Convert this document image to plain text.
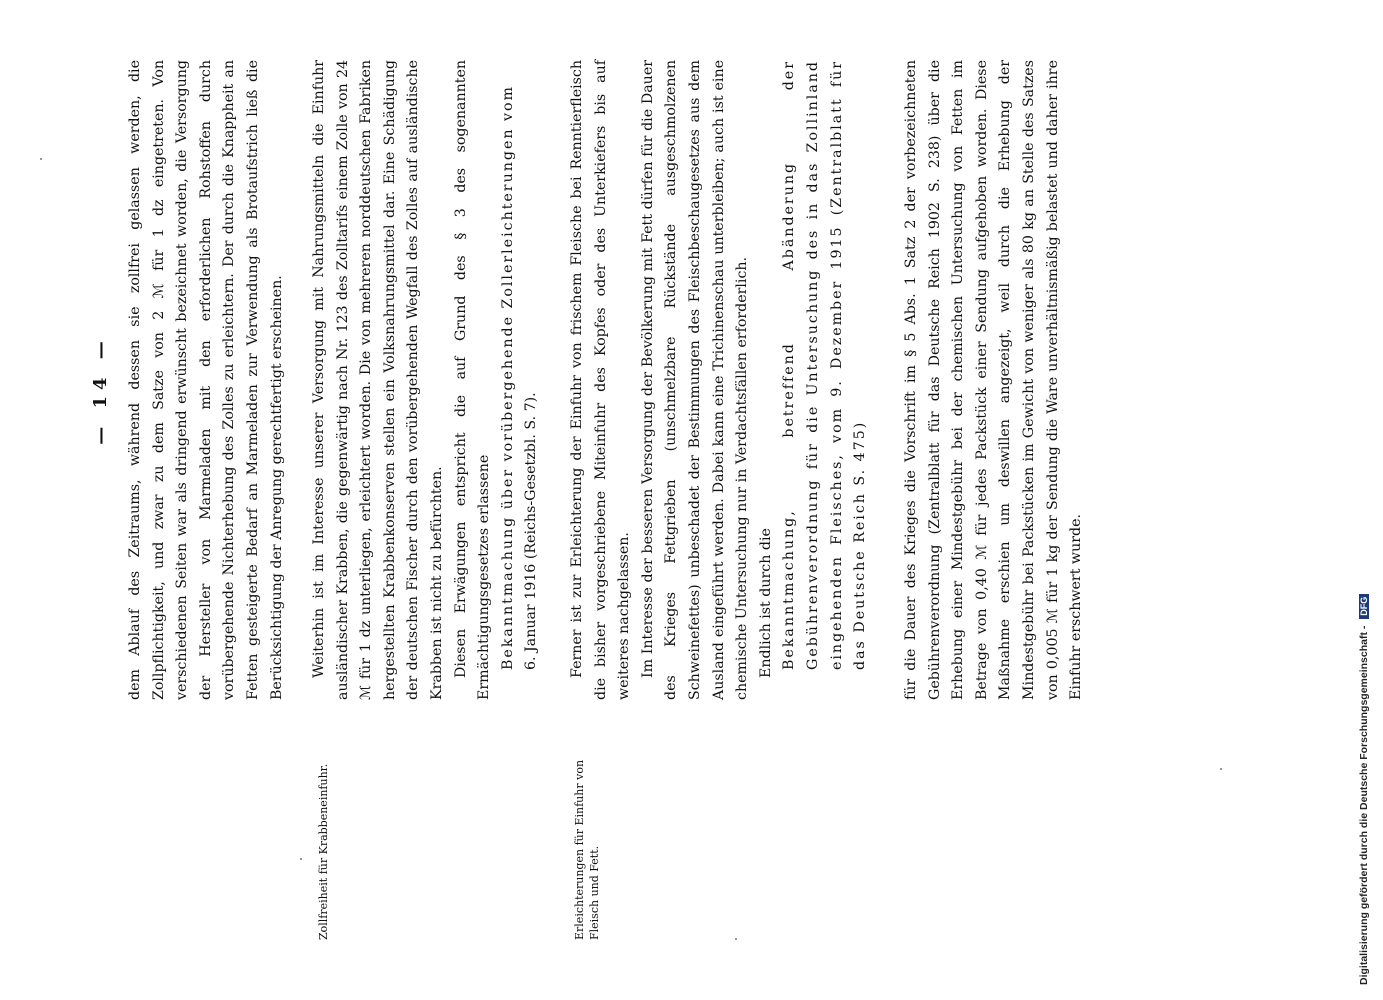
— 14 — dem Ablauf des Zeitraums, während dessen sie zollfrei gelassen werden, die Zollpflichtigkeit, und zwar zu dem Satze von 2 ℳ für 1 dz eingetreten. Von verschiedenen Seiten war als dringend erwünscht bezeichnet worden, die Versorgung der Hersteller von Marmeladen mit den erforderlichen Rohstoffen durch vorübergehende Nichterhebung des Zolles zu erleichtern. Der durch die Knappheit an Fetten gesteigerte Bedarf an Marmeladen zur Verwendung als Brotaufstrich ließ die Berücksichtigung der Anregung gerechtfertigt erscheinen.

Zollfreiheit für Krabbeneinfuhr.

Weiterhin ist im Interesse unserer Versorgung mit Nahrungsmitteln die Einfuhr ausländischer Krabben, die gegenwärtig nach Nr. 123 des Zolltarifs einem Zolle von 24 ℳ für 1 dz unterliegen, erleichtert worden. Die von mehreren norddeutschen Fabriken hergestellten Krabbenkonserven stellen ein Volksnahrungsmittel dar. Eine Schädigung der deutschen Fischer durch den vorübergehenden Wegfall des Zolles auf ausländische Krabben ist nicht zu befürchten. Diesen Erwägungen entspricht die auf Grund des § 3 des sogenannten Ermächtigungsgesetzes erlassene Bekanntmachung über vorübergehende Zollerleichterungen vom 6. Januar 1916 (Reichs-Gesetzbl. S. 7).

Erleichterungen für Einfuhr von Fleisch und Fett.

Ferner ist zur Erleichterung der Einfuhr von frischem Fleische bei Renntierfleisch die bisher vorgeschriebene Miteinfuhr des Kopfes oder des Unterkiefers bis auf weiteres nachgelassen. Im Interesse der besseren Versorgung der Bevölkerung mit Fett dürfen für die Dauer des Krieges Fettgrieben (unschmelzbare Rückstände ausgeschmolzenen Schweinefettes) unbeschadet der Bestimmungen des Fleischbeschaugesetzes aus dem Ausland eingeführt werden. Dabei kann eine Trichinenschau unterbleiben; auch ist eine chemische Untersuchung nur in Verdachtsfällen erforderlich. Endlich ist durch die Bekanntmachung, betreffend Abänderung der Gebührenverordnung für die Untersuchung des in das Zollinland eingehenden Fleisches, vom 9. Dezember 1915 (Zentralblatt für das Deutsche Reich S. 475)	für die Dauer des Krieges die Vorschrift im § 5 Abs. 1 Satz 2 der vorbezeichneten Gebührenverordnung (Zentralblatt für das Deutsche Reich 1902 S. 238) über die Erhebung einer Mindestgebühr bei der chemischen Untersuchung von Fetten im Betrage von 0,40 ℳ für jedes Packstück einer Sendung aufgehoben worden. Diese Maßnahme erschien um deswillen angezeigt, weil durch die Erhebung der Mindestgebühr bei Packstücken im Gewicht von weniger als 80 kg an Stelle des Satzes von 0,005 ℳ für 1 kg der Sendung die Ware unverhältnismäßig belastet und daher ihre Einfuhr erschwert wurde.

Digitalisierung gefördert durch die Deutsche Forschungsgemeinschaft - DFG
